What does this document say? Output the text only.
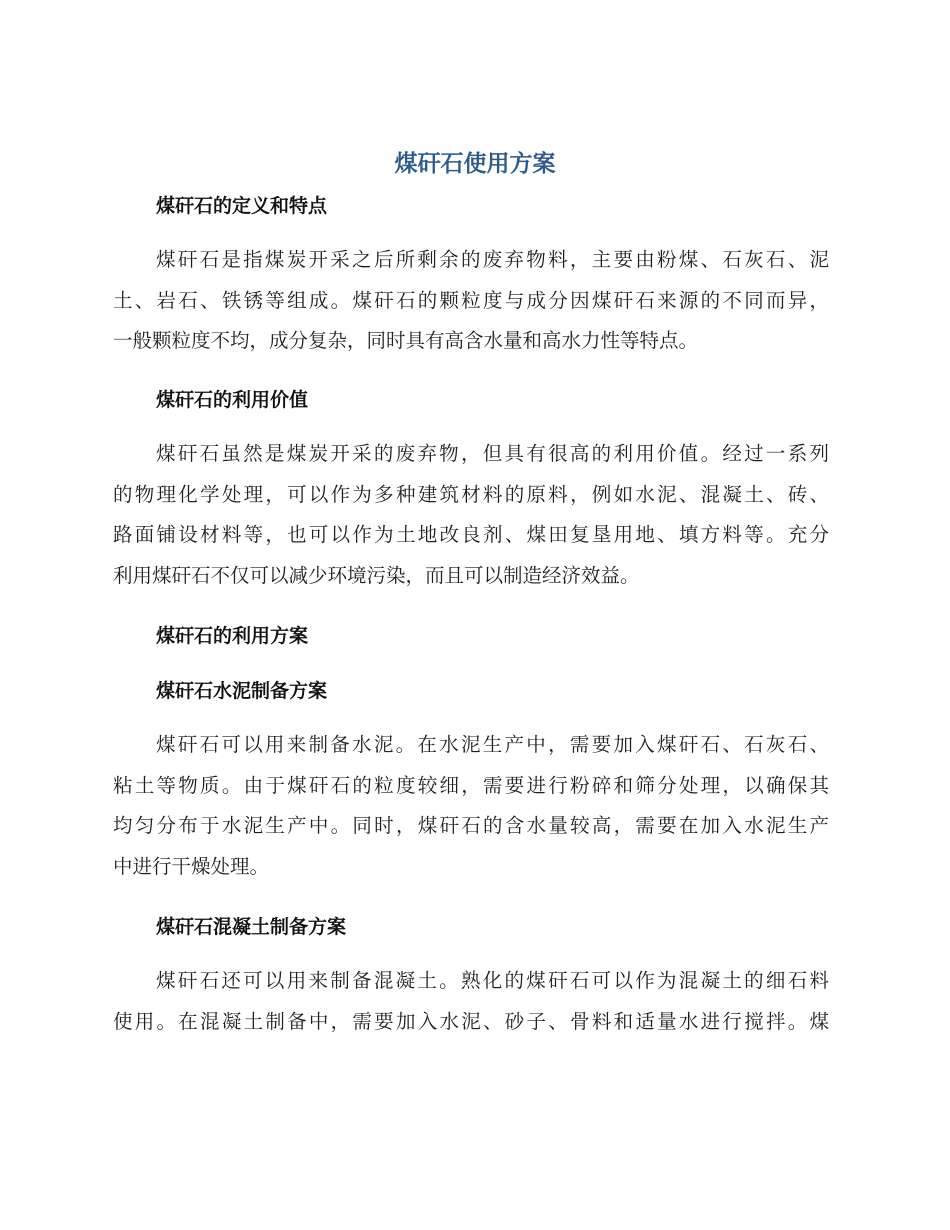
煤矸石使用方案
煤矸石的定义和特点
煤矸石是指煤炭开采之后所剩余的废弃物料，主要由粉煤、石灰石、泥
土、岩石、铁锈等组成。煤矸石的颗粒度与成分因煤矸石来源的不同而异，
一般颗粒度不均，成分复杂，同时具有高含水量和高水力性等特点。
煤矸石的利用价值
煤矸石虽然是煤炭开采的废弃物，但具有很高的利用价值。经过一系列
的物理化学处理，可以作为多种建筑材料的原料，例如水泥、混凝土、砖、
路面铺设材料等，也可以作为土地改良剂、煤田复垦用地、填方料等。充分
利用煤矸石不仅可以减少环境污染，而且可以制造经济效益。
煤矸石的利用方案
煤矸石水泥制备方案
煤矸石可以用来制备水泥。在水泥生产中，需要加入煤矸石、石灰石、
粘土等物质。由于煤矸石的粒度较细，需要进行粉碎和筛分处理，以确保其
均匀分布于水泥生产中。同时，煤矸石的含水量较高，需要在加入水泥生产
中进行干燥处理。
煤矸石混凝土制备方案
煤矸石还可以用来制备混凝土。熟化的煤矸石可以作为混凝土的细石料
使用。在混凝土制备中，需要加入水泥、砂子、骨料和适量水进行搅拌。煤
